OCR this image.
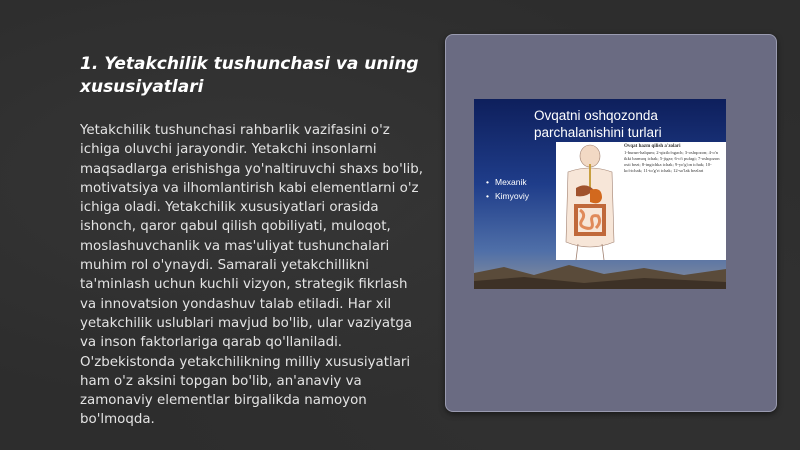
1. Yetakchilik tushunchasi va uning xususiyatlari

Yetakchilik tushunchasi rahbarlik vazifasini o'z ichiga oluvchi jarayondir. Yetakchi insonlarni maqsadlarga erishishga yo'naltiruvchi shaxs bo'lib, motivatsiya va ilhomlantirish kabi elementlarni o'z ichiga oladi. Yetakchilik xususiyatlari orasida ishonch, qaror qabul qilish qobiliyati, muloqot, moslashuvchanlik va mas'uliyat tushunchalari muhim rol o'ynaydi. Samarali yetakchillikni ta'minlash uchun kuchli vizyon, strategik fikrlash va innovatsion yondashuv talab etiladi. Har xil yetakchilik uslublari mavjud bo'lib, ular vaziyatga va inson faktorlariga qarab qo'llaniladi. O'zbekistonda yetakchilikning milliy xususiyatlari ham o'z aksini topgan bo'lib, an'anaviy va zamonaviy elementlar birgalikda namoyon bo'lmoqda.

Ovqatni oshqozonda parchalanishini turlari
• Mexanik
• Kimyoviy
Ovqat hazm qilish a'zolari
1-burun-halqum; 2-qizilo'ngach; 3-oshqozon; 4-o'n ikki barmoq ichak; 5-jigar; 6-o't pufagi; 7-oshqozon osti bezi; 8-ingichka ichak; 9-yo'g'on ichak; 10-ko'richak; 11-to'g'ri ichak; 12-so'lak bezlari
